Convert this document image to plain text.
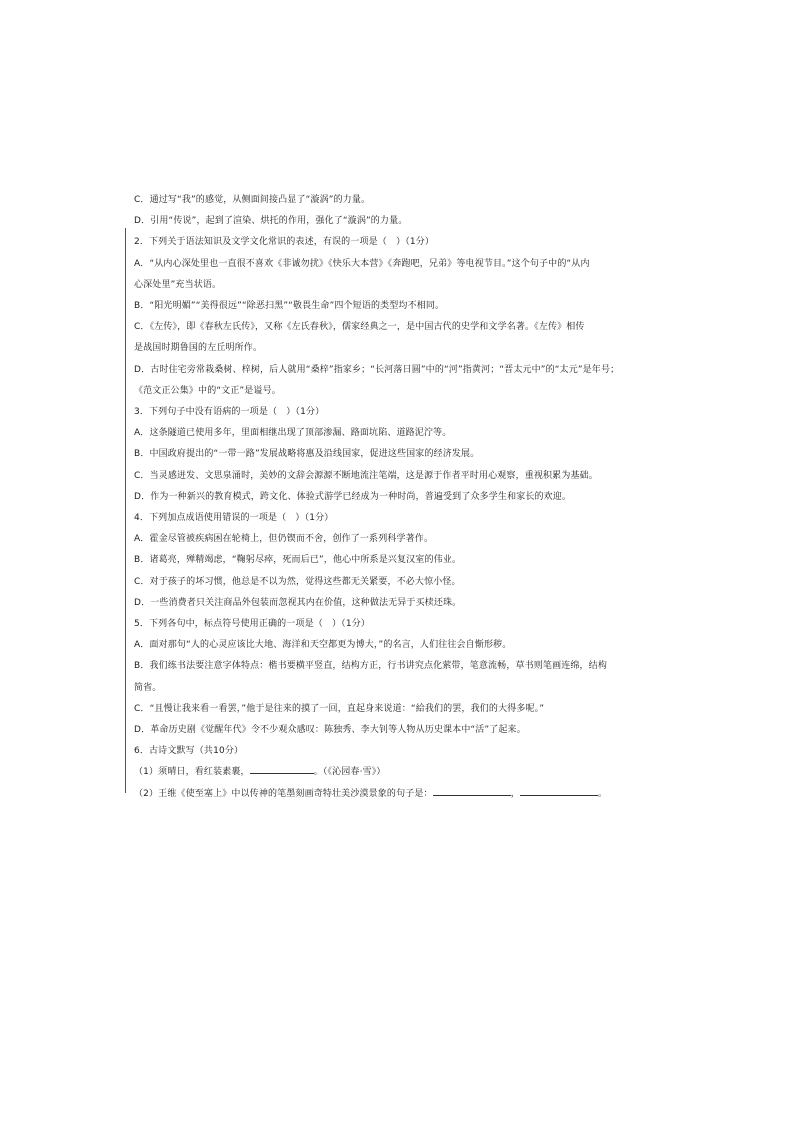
C．通过写“我”的感觉，从侧面间接凸显了“漩涡”的力量。
D．引用“传说”，起到了渲染、烘托的作用，强化了“漩涡”的力量。
2．下列关于语法知识及文学文化常识的表述，有误的一项是（　）（1分）
A．“从内心深处里也一直很不喜欢《非诚勿扰》《快乐大本营》《奔跑吧，兄弟》等电视节目。”这个句子中的“从内
心深处里”充当状语。
B．“阳光明媚”“美得很远”“除恶扫黑”“敬畏生命”四个短语的类型均不相同。
C．《左传》，即《春秋左氏传》，又称《左氏春秋》，儒家经典之一，是中国古代的史学和文学名著。《左传》相传
是战国时期鲁国的左丘明所作。
D．古时住宅旁常栽桑树、梓树，后人就用“桑梓”指家乡；“长河落日圆”中的“河”指黄河；“晋太元中”的“太元”是年号；
《范文正公集》中的“文正”是谥号。
3．下列句子中没有语病的一项是（　）（1分）
A．这条隧道已使用多年，里面相继出现了顶部渗漏、路面坑陷、道路泥泞等。
B．中国政府提出的“一带一路”发展战略将惠及沿线国家，促进这些国家的经济发展。
C．当灵感迸发、文思泉涌时，美妙的文辞会源源不断地流注笔端，这是源于作者平时用心观察，重视积累为基础。
D．作为一种新兴的教育模式，跨文化、体验式游学已经成为一种时尚，普遍受到了众多学生和家长的欢迎。
4．下列加点成语使用错误的一项是（　）（1分）
A．霍金尽管被疾病困在轮椅上，但仍锲而不舍，创作了一系列科学著作。
B．诸葛亮，殚精竭虑，“鞠躬尽瘁，死而后已”，他心中所系是兴复汉室的伟业。
C．对于孩子的坏习惯，他总是不以为然，觉得这些都无关紧要，不必大惊小怪。
D．一些消费者只关注商品外包装而忽视其内在价值，这种做法无异于买椟还珠。
5．下列各句中，标点符号使用正确的一项是（　）（1分）
A．面对那句“人的心灵应该比大地、海洋和天空都更为博大，”的名言，人们往往会自惭形秽。
B．我们练书法要注意字体特点：楷书要横平竖直，结构方正，行书讲究点化萦带，笔意流畅，草书则笔画连绵，结构
简省。
C．“且慢让我来看一看罢，”他于是往来的摸了一回，直起身来说道：“給我们的罢，我们的大得多呢。”
D．革命历史剧《觉醒年代》令不少观众感叹：陈独秀、李大钊等人物从历史课本中“活”了起来。
6．古诗文默写（共10分）
（1）须晴日，看红装素裹，	。（《沁园春·雪》）
（2）王维《使至塞上》中以传神的笔墨刻画奇特壮美沙漠景象的句子是：	，	。
